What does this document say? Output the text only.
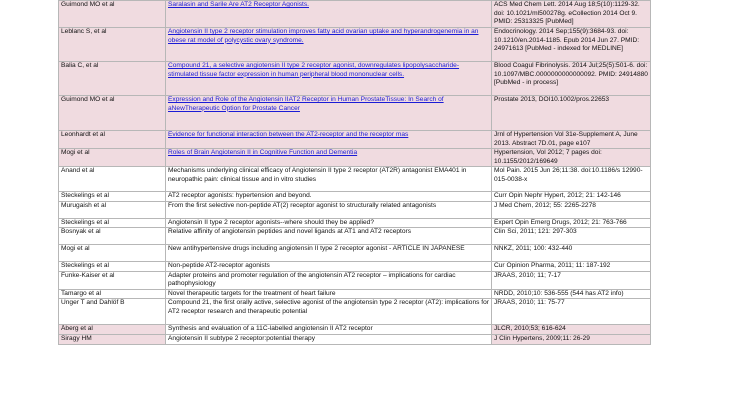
Guimond MO et al	Saralasin and Sarile Are AT2 Receptor Agonists.	ACS Med Chem Lett. 2014 Aug 18;5(10):1129-32. doi: 10.1021/ml500278g. eCollection 2014 Oct 9. PMID: 25313325 [PubMed]

Leblanc S, et al	Angiotensin II type 2 receptor stimulation improves fatty acid ovarian uptake and hyperandrogenemia in an obese rat model of polycystic ovary syndrome.	Endocrinology. 2014 Sep;155(9):3684-93. doi: 10.1210/en.2014-1185. Epub 2014 Jun 27. PMID: 24971613 [PubMed - indexed for MEDLINE]

Balia C, et al	Compound 21, a selective angiotensin II type 2 receptor agonist, downregulates lipopolysaccharide-stimulated tissue factor expression in human peripheral blood mononuclear cells.	Blood Coagul Fibrinolysis. 2014 Jul;25(5):501-6. doi: 10.1097/MBC.0000000000000092. PMID: 24914880 [PubMed - in process]

Guimond MO et al	Expression and Role of the Angiotensin IIAT2 Receptor in Human ProstateTissue: In Search of aNewTherapeutic Option for Prostate Cancer	Prostate 2013, DOI10.1002/pros.22653

Leonhardt et al	Evidence for functional interaction between the AT2-receptor and the receptor mas	Jrnl of Hypertension Vol 31e-Supplement A, June 2013. Abstract 7D.01, page e107

Mogi et al	Roles of Brain Angiotensin II in Cognitive Function and Dementia	Hypertension, Vol 2012; 7 pages doi: 10.1155/2012/169649

Anand et al	Mechanisms underlying clinical efficacy of Angiotensin II type 2 receptor (AT2R) antagonist EMA401 in neuropathic pain: clinical tissue and in vitro studies	Mol Pain. 2015 Jun 26;11:38. doi:10.1186/s 12990-015-0038-x

Steckelings et al	AT2 receptor agonists: hypertension and beyond.	Curr Opin Nephr Hypert, 2012; 21: 142-146

Murugaish et al	From the first selective non-peptide AT(2) receptor agonist to structurally related antagonists	J Med Chem, 2012; 55: 2265-2278

Steckelings et al	Angiotensin II type 2 receptor agonists--where should they be applied?	Expert Opin Emerg Drugs, 2012; 21: 763-766

Bosnyak et al	Relative affinity of angiotensin peptides and novel ligands at AT1 and AT2 receptors	Clin Sci, 2011; 121: 297-303

Mogi et al	New antihypertensive drugs including angiotensin II type 2 receptor agonist - ARTICLE IN JAPANESE	NNKZ, 2011; 100: 432-440

Steckelings et al	Non-peptide AT2-receptor agonists	Cur Opinion Pharma, 2011; 11: 187-192

Funke-Kaiser et al	Adapter proteins and promoter regulation of the angiotensin AT2 receptor – implications for cardiac pathophysiology	JRAAS, 2010; 11; 7-17

Tamargo et al	Novel therapeutic targets for the treatment of heart failure	NRDD, 2010;10: 536-555 (544 has AT2 info)

Unger T and Dahlöf B	Compound 21, the first orally active, selective agonist of the angiotensin type 2 receptor (AT2): implications for AT2 receptor research and therapeutic potential	JRAAS, 2010; 11: 75-77

Åberg et al	Synthesis and evaluation of a 11C-labelled angiotensin II AT2 receptor	JLCR, 2010;53; 616-624

Siragy HM	Angiotensin II subtype 2 receptor:potential therapy	J Clin Hypertens, 2009;11: 26-29
